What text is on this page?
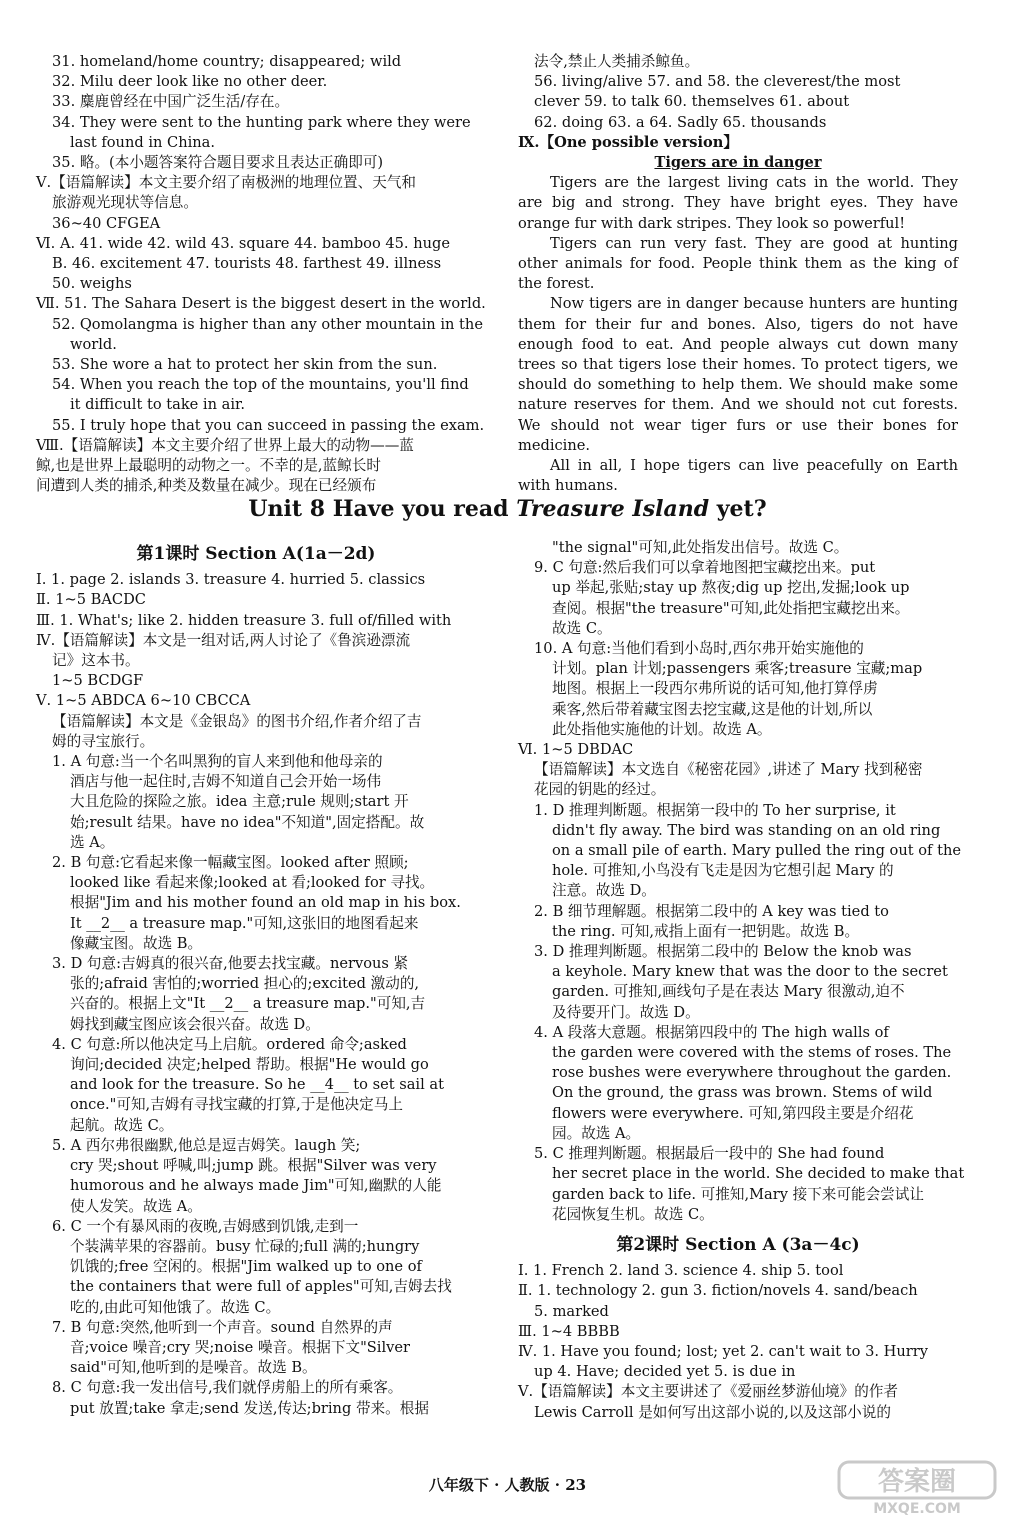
31. homeland/home country; disappeared; wild
32. Milu deer look like no other deer.
33. 麋鹿曾经在中国广泛生活/存在。
34. They were sent to the hunting park where they were
last found in China.
35. 略。(本小题答案符合题目要求且表达正确即可)
Ⅴ.【语篇解读】本文主要介绍了南极洲的地理位置、天气和
旅游观光现状等信息。
36~40 CFGEA
Ⅵ. A. 41. wide 42. wild 43. square 44. bamboo 45. huge
B. 46. excitement 47. tourists 48. farthest 49. illness
50. weighs
Ⅶ. 51. The Sahara Desert is the biggest desert in the world.
52. Qomolangma is higher than any other mountain in the
world.
53. She wore a hat to protect her skin from the sun.
54. When you reach the top of the mountains, you'll find
it difficult to take in air.
55. I truly hope that you can succeed in passing the exam.
Ⅷ.【语篇解读】本文主要介绍了世界上最大的动物——蓝
鲸,也是世界上最聪明的动物之一。不幸的是,蓝鲸长时
间遭到人类的捕杀,种类及数量在减少。现在已经颁布
法令,禁止人类捕杀鲸鱼。
56. living/alive 57. and 58. the cleverest/the most
clever 59. to talk 60. themselves 61. about
62. doing 63. a 64. Sadly 65. thousands
Ⅸ.【One possible version】
Tigers are in danger
Tigers are the largest living cats in the world. They are big and strong. They have bright eyes. They have orange fur with dark stripes. They look so powerful!
Tigers can run very fast. They are good at hunting other animals for food. People think them as the king of the forest.
Now tigers are in danger because hunters are hunting them for their fur and bones. Also, tigers do not have enough food to eat. And people always cut down many trees so that tigers lose their homes. To protect tigers, we should do something to help them. We should make some nature reserves for them. And we should not cut forests. We should not wear tiger furs or use their bones for medicine.
All in all, I hope tigers can live peacefully on Earth with humans.
Unit 8 Have you read Treasure Island yet?
第1课时 Section A(1a－2d)
Ⅰ. 1. page 2. islands 3. treasure 4. hurried 5. classics
Ⅱ. 1~5 BACDC
Ⅲ. 1. What's; like 2. hidden treasure 3. full of/filled with
Ⅳ.【语篇解读】本文是一组对话,两人讨论了《鲁滨逊漂流
记》这本书。
1~5 BCDGF
Ⅴ. 1~5 ABDCA 6~10 CBCCA
【语篇解读】本文是《金银岛》的图书介绍,作者介绍了吉
姆的寻宝旅行。
1. A 句意:当一个名叫黑狗的盲人来到他和他母亲的
酒店与他一起住时,吉姆不知道自己会开始一场伟
大且危险的探险之旅。idea 主意;rule 规则;start 开
始;result 结果。have no idea"不知道",固定搭配。故
选 A。
2. B 句意:它看起来像一幅藏宝图。looked after 照顾;
looked like 看起来像;looked at 看;looked for 寻找。
根据"Jim and his mother found an old map in his box.
It __2__ a treasure map."可知,这张旧的地图看起来
像藏宝图。故选 B。
3. D 句意:吉姆真的很兴奋,他要去找宝藏。nervous 紧
张的;afraid 害怕的;worried 担心的;excited 激动的,
兴奋的。根据上文"It __2__ a treasure map."可知,吉
姆找到藏宝图应该会很兴奋。故选 D。
4. C 句意:所以他决定马上启航。ordered 命令;asked
询问;decided 决定;helped 帮助。根据"He would go
and look for the treasure. So he __4__ to set sail at
once."可知,吉姆有寻找宝藏的打算,于是他决定马上
起航。故选 C。
5. A 西尔弗很幽默,他总是逗吉姆笑。laugh 笑;
cry 哭;shout 呼喊,叫;jump 跳。根据"Silver was very
humorous and he always made Jim"可知,幽默的人能
使人发笑。故选 A。
6. C 一个有暴风雨的夜晚,吉姆感到饥饿,走到一
个装满苹果的容器前。busy 忙碌的;full 满的;hungry
饥饿的;free 空闲的。根据"Jim walked up to one of
the containers that were full of apples"可知,吉姆去找
吃的,由此可知他饿了。故选 C。
7. B 句意:突然,他听到一个声音。sound 自然界的声
音;voice 噪音;cry 哭;noise 噪音。根据下文"Silver
said"可知,他听到的是噪音。故选 B。
8. C 句意:我一发出信号,我们就俘虏船上的所有乘客。
put 放置;take 拿走;send 发送,传达;bring 带来。根据
"the signal"可知,此处指发出信号。故选 C。
9. C 句意:然后我们可以拿着地图把宝藏挖出来。put
up 举起,张贴;stay up 熬夜;dig up 挖出,发掘;look up
查阅。根据"the treasure"可知,此处指把宝藏挖出来。
故选 C。
10. A 句意:当他们看到小岛时,西尔弗开始实施他的
计划。plan 计划;passengers 乘客;treasure 宝藏;map
地图。根据上一段西尔弗所说的话可知,他打算俘虏
乘客,然后带着藏宝图去挖宝藏,这是他的计划,所以
此处指他实施他的计划。故选 A。
Ⅵ. 1~5 DBDAC
【语篇解读】本文选自《秘密花园》,讲述了 Mary 找到秘密
花园的钥匙的经过。
1. D 推理判断题。根据第一段中的 To her surprise, it
didn't fly away. The bird was standing on an old ring
on a small pile of earth. Mary pulled the ring out of the
hole. 可推知,小鸟没有飞走是因为它想引起 Mary 的
注意。故选 D。
2. B 细节理解题。根据第二段中的 A key was tied to
the ring. 可知,戒指上面有一把钥匙。故选 B。
3. D 推理判断题。根据第二段中的 Below the knob was
a keyhole. Mary knew that was the door to the secret
garden. 可推知,画线句子是在表达 Mary 很激动,迫不
及待要开门。故选 D。
4. A 段落大意题。根据第四段中的 The high walls of
the garden were covered with the stems of roses. The
rose bushes were everywhere throughout the garden.
On the ground, the grass was brown. Stems of wild
flowers were everywhere. 可知,第四段主要是介绍花
园。故选 A。
5. C 推理判断题。根据最后一段中的 She had found
her secret place in the world. She decided to make that
garden back to life. 可推知,Mary 接下来可能会尝试让
花园恢复生机。故选 C。
第2课时 Section A (3a－4c)
Ⅰ. 1. French 2. land 3. science 4. ship 5. tool
Ⅱ. 1. technology 2. gun 3. fiction/novels 4. sand/beach
5. marked
Ⅲ. 1~4 BBBB
Ⅳ. 1. Have you found; lost; yet 2. can't wait to 3. Hurry
up 4. Have; decided yet 5. is due in
Ⅴ.【语篇解读】本文主要讲述了《爱丽丝梦游仙境》的作者
Lewis Carroll 是如何写出这部小说的,以及这部小说的
八年级下 · 人教版 · 23	答案圈
MXQE.COM
